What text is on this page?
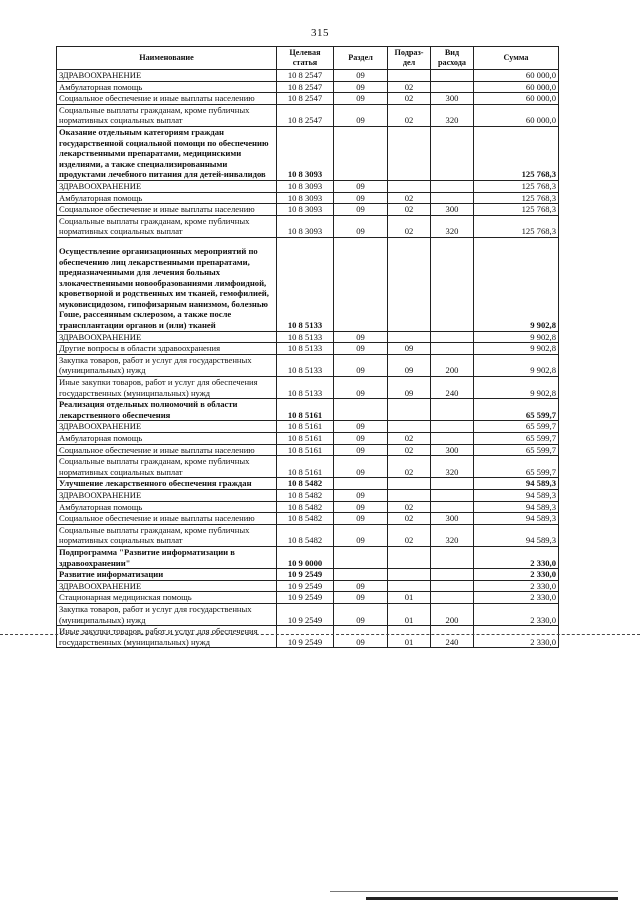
315
Наименование	Целевая статья	Раздел	Подраз-дел	Вид расхода	Сумма
ЗДРАВООХРАНЕНИЕ	10 8 2547	09			60 000,0
Амбулаторная помощь	10 8 2547	09	02		60 000,0
Социальное обеспечение и иные выплаты населению	10 8 2547	09	02	300	60 000,0
Социальные выплаты гражданам, кроме публичных нормативных социальных выплат	10 8 2547	09	02	320	60 000,0
Оказание отдельным категориям граждан государственной социальной помощи по обеспечению лекарственными препаратами, медицинскими изделиями, а также специализированными продуктами лечебного питания для детей-инвалидов	10 8 3093				125 768,3
ЗДРАВООХРАНЕНИЕ	10 8 3093	09			125 768,3
Амбулаторная помощь	10 8 3093	09	02		125 768,3
Социальное обеспечение и иные выплаты населению	10 8 3093	09	02	300	125 768,3
Социальные выплаты гражданам, кроме публичных нормативных социальных выплат	10 8 3093	09	02	320	125 768,3
Осуществление организационных мероприятий по обеспечению лиц лекарственными препаратами, предназначенными для лечения больных злокачественными новообразованиями лимфоидной, кроветворной и родственных им тканей, гемофилией, муковисцидозом, гипофизарным нанизмом, болезнью Гоше, рассеянным склерозом, а также после трансплантации органов и (или) тканей	10 8 5133				9 902,8
ЗДРАВООХРАНЕНИЕ	10 8 5133	09			9 902,8
Другие вопросы в области здравоохранения	10 8 5133	09	09		9 902,8
Закупка товаров, работ и услуг для государственных (муниципальных) нужд	10 8 5133	09	09	200	9 902,8
Иные закупки товаров, работ и услуг для обеспечения государственных (муниципальных) нужд	10 8 5133	09	09	240	9 902,8
Реализация отдельных полномочий в области лекарственного обеспечения	10 8 5161				65 599,7
ЗДРАВООХРАНЕНИЕ	10 8 5161	09			65 599,7
Амбулаторная помощь	10 8 5161	09	02		65 599,7
Социальное обеспечение и иные выплаты населению	10 8 5161	09	02	300	65 599,7
Социальные выплаты гражданам, кроме публичных нормативных социальных выплат	10 8 5161	09	02	320	65 599,7
Улучшение лекарственного обеспечения граждан	10 8 5482				94 589,3
ЗДРАВООХРАНЕНИЕ	10 8 5482	09			94 589,3
Амбулаторная помощь	10 8 5482	09	02		94 589,3
Социальное обеспечение и иные выплаты населению	10 8 5482	09	02	300	94 589,3
Социальные выплаты гражданам, кроме публичных нормативных социальных выплат	10 8 5482	09	02	320	94 589,3
Подпрограмма "Развитие информатизации в здравоохранении"	10 9 0000				2 330,0
Развитие информатизации	10 9 2549				2 330,0
ЗДРАВООХРАНЕНИЕ	10 9 2549	09			2 330,0
Стационарная медицинская помощь	10 9 2549	09	01		2 330,0
Закупка товаров, работ и услуг для государственных (муниципальных) нужд	10 9 2549	09	01	200	2 330,0
Иные закупки товаров, работ и услуг для обеспечения государственных (муниципальных) нужд	10 9 2549	09	01	240	2 330,0
